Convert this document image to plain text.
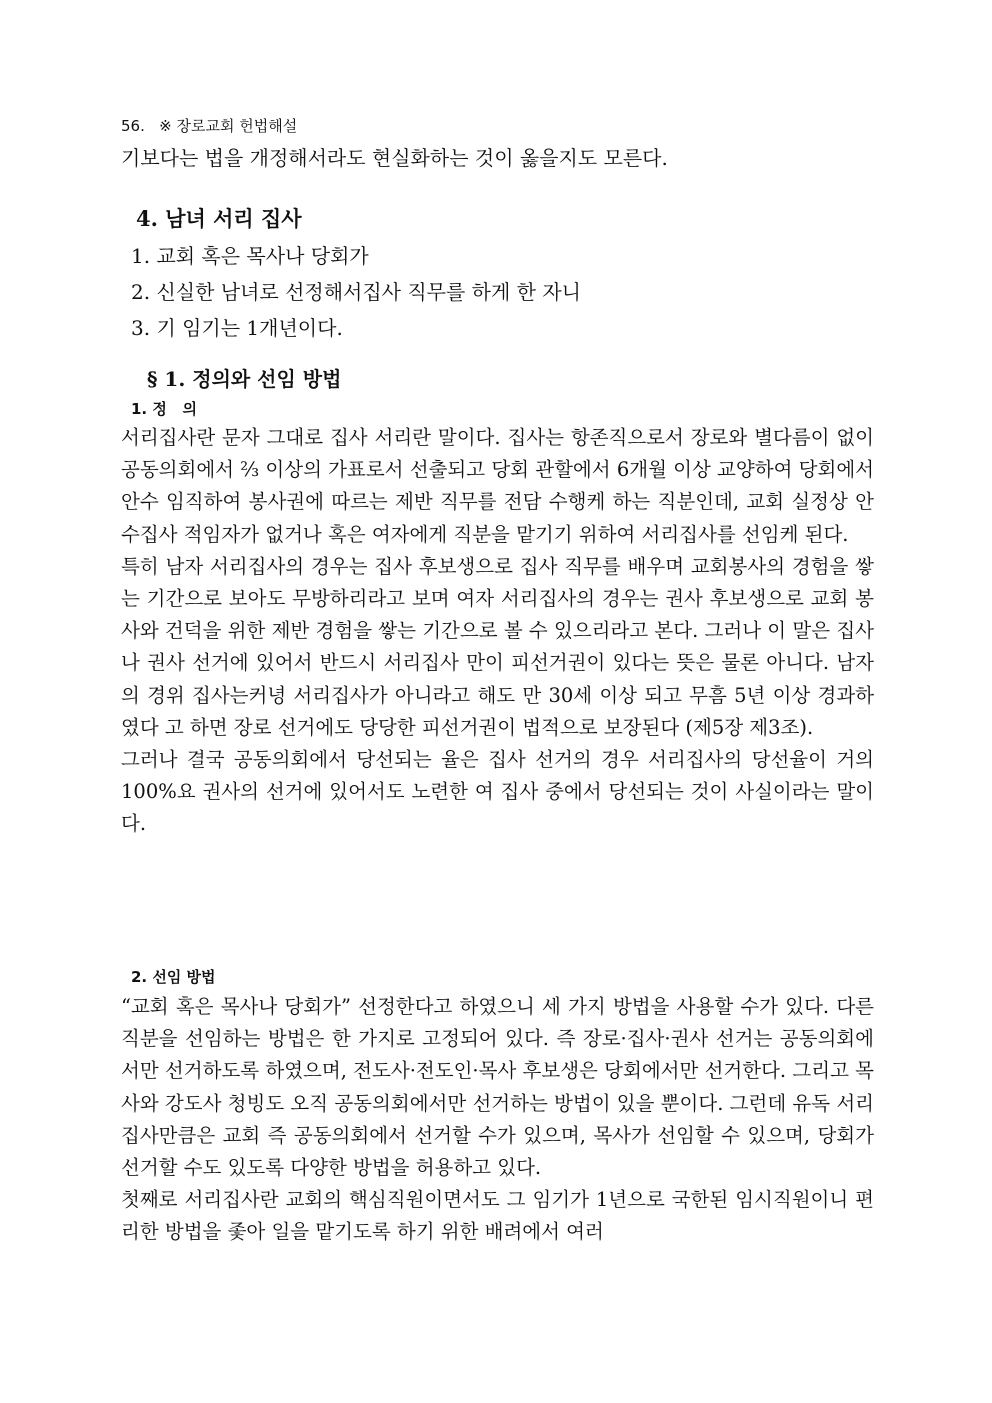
56. ※ 장로교회 헌법해설
기보다는 법을 개정해서라도 현실화하는 것이 옳을지도 모른다.
4. 남녀 서리 집사
1. 교회 혹은 목사나 당회가
2. 신실한 남녀로 선정해서집사 직무를 하게 한 자니
3. 기 임기는 1개년이다.
§ 1. 정의와 선임 방법
1. 정   의

서리집사란 문자 그대로 집사 서리란 말이다. 집사는 항존직으로서 장로와 별다름이 없이 공동의회에서 ⅔ 이상의 가표로서 선출되고 당회 관할에서 6개월 이상 교양하여 당회에서 안수 임직하여 봉사권에 따르는 제반 직무를 전담 수행케 하는 직분인데, 교회 실정상 안수집사 적임자가 없거나 혹은 여자에게 직분을 맡기기 위하여 서리집사를 선임케 된다.

특히 남자 서리집사의 경우는 집사 후보생으로 집사 직무를 배우며 교회봉사의 경험을 쌓는 기간으로 보아도 무방하리라고 보며 여자 서리집사의 경우는 권사 후보생으로 교회 봉사와 건덕을 위한 제반 경험을 쌓는 기간으로 볼 수 있으리라고 본다. 그러나 이 말은 집사나 권사 선거에 있어서 반드시 서리집사 만이 피선거권이 있다는 뜻은 물론 아니다. 남자의 경위 집사는커녕 서리집사가 아니라고 해도 만 30세 이상 되고 무흠 5년 이상 경과하였다 고 하면 장로 선거에도 당당한 피선거권이 법적으로 보장된다 (제5장 제3조).

그러나 결국 공동의회에서 당선되는 율은 집사 선거의 경우 서리집사의 당선율이 거의 100%요 권사의 선거에 있어서도 노련한 여 집사 중에서 당선되는 것이 사실이라는 말이다.

2. 선임 방법

“교회 혹은 목사나 당회가” 선정한다고 하였으니 세 가지 방법을 사용할 수가 있다. 다른 직분을 선임하는 방법은 한 가지로 고정되어 있다. 즉 장로·집사·권사 선거는 공동의회에서만 선거하도록 하였으며, 전도사·전도인·목사 후보생은 당회에서만 선거한다. 그리고 목사와 강도사 청빙도 오직 공동의회에서만 선거하는 방법이 있을 뿐이다. 그런데 유독 서리집사만큼은 교회 즉 공동의회에서 선거할 수가 있으며, 목사가 선임할 수 있으며, 당회가 선거할 수도 있도록 다양한 방법을 허용하고 있다.

첫째로 서리집사란 교회의 핵심직원이면서도 그 임기가 1년으로 국한된 임시직원이니 편리한 방법을 좇아 일을 맡기도록 하기 위한 배려에서 여러
